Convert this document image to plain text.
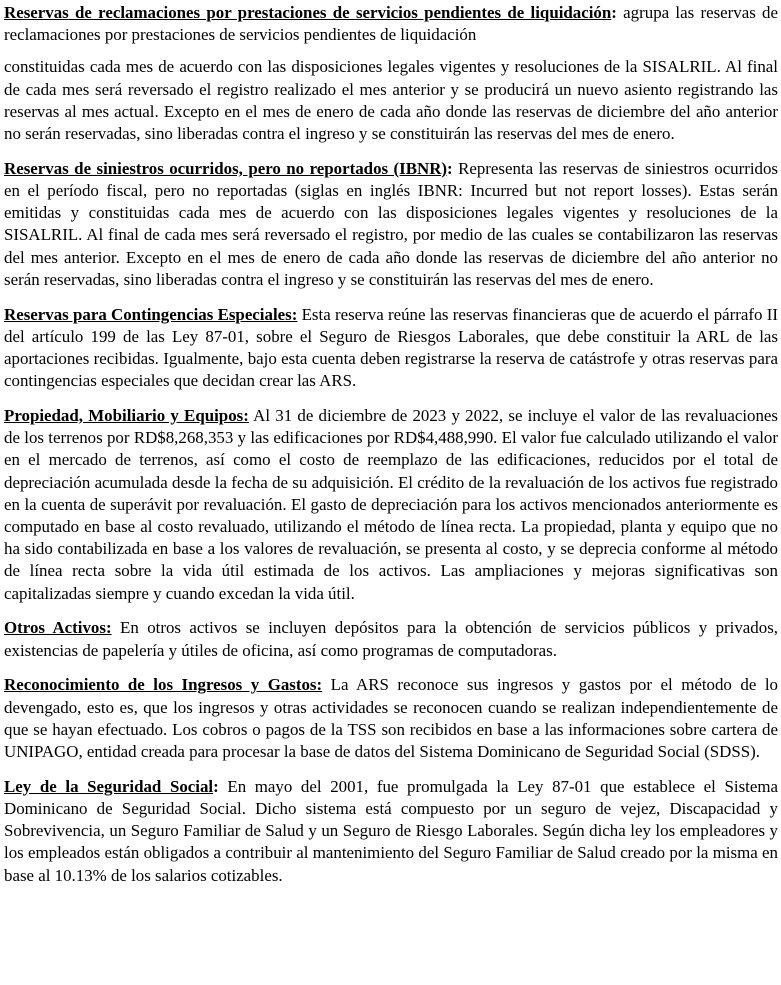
Reservas de reclamaciones por prestaciones de servicios pendientes de liquidación: agrupa las reservas de reclamaciones por prestaciones de servicios pendientes de liquidación

constituidas cada mes de acuerdo con las disposiciones legales vigentes y resoluciones de la SISALRIL. Al final de cada mes será reversado el registro realizado el mes anterior y se producirá un nuevo asiento registrando las reservas al mes actual. Excepto en el mes de enero de cada año donde las reservas de diciembre del año anterior no serán reservadas, sino liberadas contra el ingreso y se constituirán las reservas del mes de enero.

Reservas de siniestros ocurridos, pero no reportados (IBNR): Representa las reservas de siniestros ocurridos en el período fiscal, pero no reportadas (siglas en inglés IBNR: Incurred but not report losses). Estas serán emitidas y constituidas cada mes de acuerdo con las disposiciones legales vigentes y resoluciones de la SISALRIL. Al final de cada mes será reversado el registro, por medio de las cuales se contabilizaron las reservas del mes anterior. Excepto en el mes de enero de cada año donde las reservas de diciembre del año anterior no serán reservadas, sino liberadas contra el ingreso y se constituirán las reservas del mes de enero.

Reservas para Contingencias Especiales: Esta reserva reúne las reservas financieras que de acuerdo el párrafo II del artículo 199 de las Ley 87-01, sobre el Seguro de Riesgos Laborales, que debe constituir la ARL de las aportaciones recibidas. Igualmente, bajo esta cuenta deben registrarse la reserva de catástrofe y otras reservas para contingencias especiales que decidan crear las ARS.

Propiedad, Mobiliario y Equipos: Al 31 de diciembre de 2023 y 2022, se incluye el valor de las revaluaciones de los terrenos por RD$8,268,353 y las edificaciones por RD$4,488,990. El valor fue calculado utilizando el valor en el mercado de terrenos, así como el costo de reemplazo de las edificaciones, reducidos por el total de depreciación acumulada desde la fecha de su adquisición. El crédito de la revaluación de los activos fue registrado en la cuenta de superávit por revaluación. El gasto de depreciación para los activos mencionados anteriormente es computado en base al costo revaluado, utilizando el método de línea recta. La propiedad, planta y equipo que no ha sido contabilizada en base a los valores de revaluación, se presenta al costo, y se deprecia conforme al método de línea recta sobre la vida útil estimada de los activos. Las ampliaciones y mejoras significativas son capitalizadas siempre y cuando excedan la vida útil.

Otros Activos: En otros activos se incluyen depósitos para la obtención de servicios públicos y privados, existencias de papelería y útiles de oficina, así como programas de computadoras.

Reconocimiento de los Ingresos y Gastos: La ARS reconoce sus ingresos y gastos por el método de lo devengado, esto es, que los ingresos y otras actividades se reconocen cuando se realizan independientemente de que se hayan efectuado. Los cobros o pagos de la TSS son recibidos en base a las informaciones sobre cartera de UNIPAGO, entidad creada para procesar la base de datos del Sistema Dominicano de Seguridad Social (SDSS).

Ley de la Seguridad Social: En mayo del 2001, fue promulgada la Ley 87-01 que establece el Sistema Dominicano de Seguridad Social. Dicho sistema está compuesto por un seguro de vejez, Discapacidad y Sobrevivencia, un Seguro Familiar de Salud y un Seguro de Riesgo Laborales. Según dicha ley los empleadores y los empleados están obligados a contribuir al mantenimiento del Seguro Familiar de Salud creado por la misma en base al 10.13% de los salarios cotizables.
